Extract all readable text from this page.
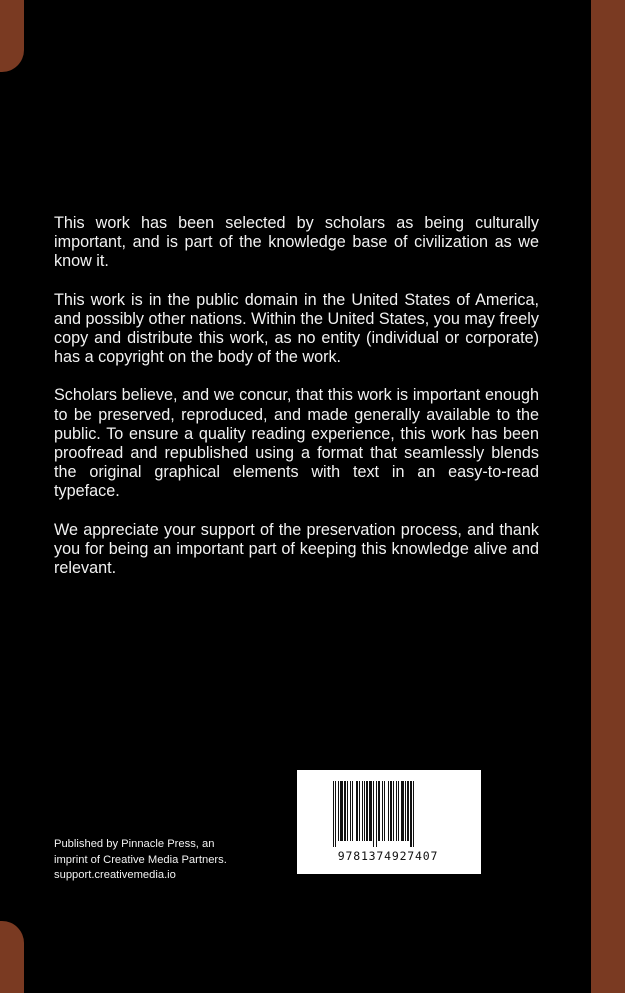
This work has been selected by scholars as being culturally important, and is part of the knowledge base of civilization as we know it.

This work is in the public domain in the United States of America, and possibly other nations. Within the United States, you may freely copy and distribute this work, as no entity (individual or corporate) has a copyright on the body of the work.

Scholars believe, and we concur, that this work is important enough to be preserved, reproduced, and made generally available to the public. To ensure a quality reading experience, this work has been proofread and republished using a format that seamlessly blends the original graphical elements with text in an easy-to-read typeface.

We appreciate your support of the preservation process, and thank you for being an important part of keeping this knowledge alive and relevant.

Published by Pinnacle Press, an
imprint of Creative Media Partners.
support.creativemedia.io
9781374927407
